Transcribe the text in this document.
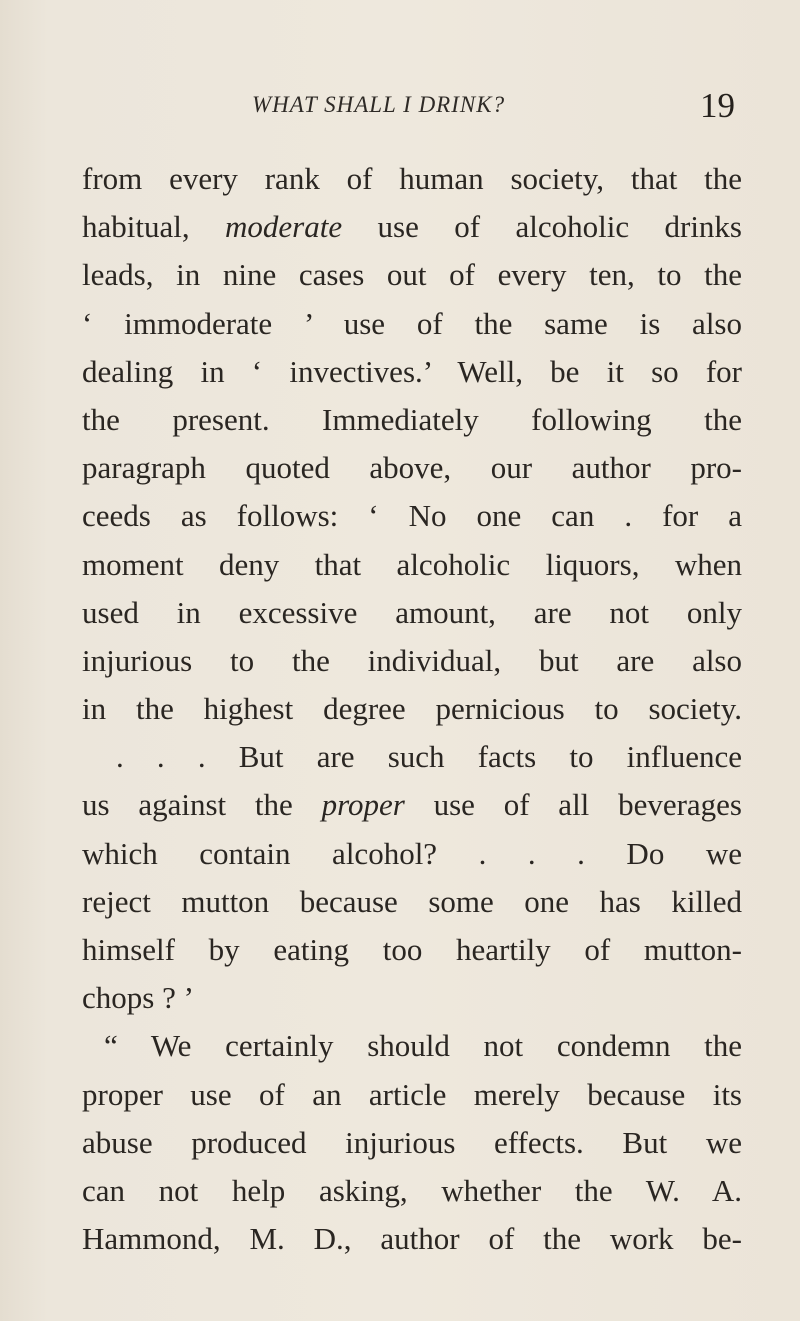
WHAT SHALL I DRINK?	19
from every rank of human society, that the
habitual, moderate use of alcoholic drinks
leads, in nine cases out of every ten, to the
‘ immoderate ’ use of the same is also
dealing in ‘ invectives.’ Well, be it so for
the present. Immediately following the
paragraph quoted above, our author pro-
ceeds as follows: ‘ No one can . for a
moment deny that alcoholic liquors, when
used in excessive amount, are not only
injurious to the individual, but are also
in the highest degree pernicious to society.
. . . But are such facts to influence
us against the proper use of all beverages
which contain alcohol? . . . Do we
reject mutton because some one has killed
himself by eating too heartily of mutton-
chops ? ’
“ We certainly should not condemn the
proper use of an article merely because its
abuse produced injurious effects. But we
can not help asking, whether the W. A.
Hammond, M. D., author of the work be-
